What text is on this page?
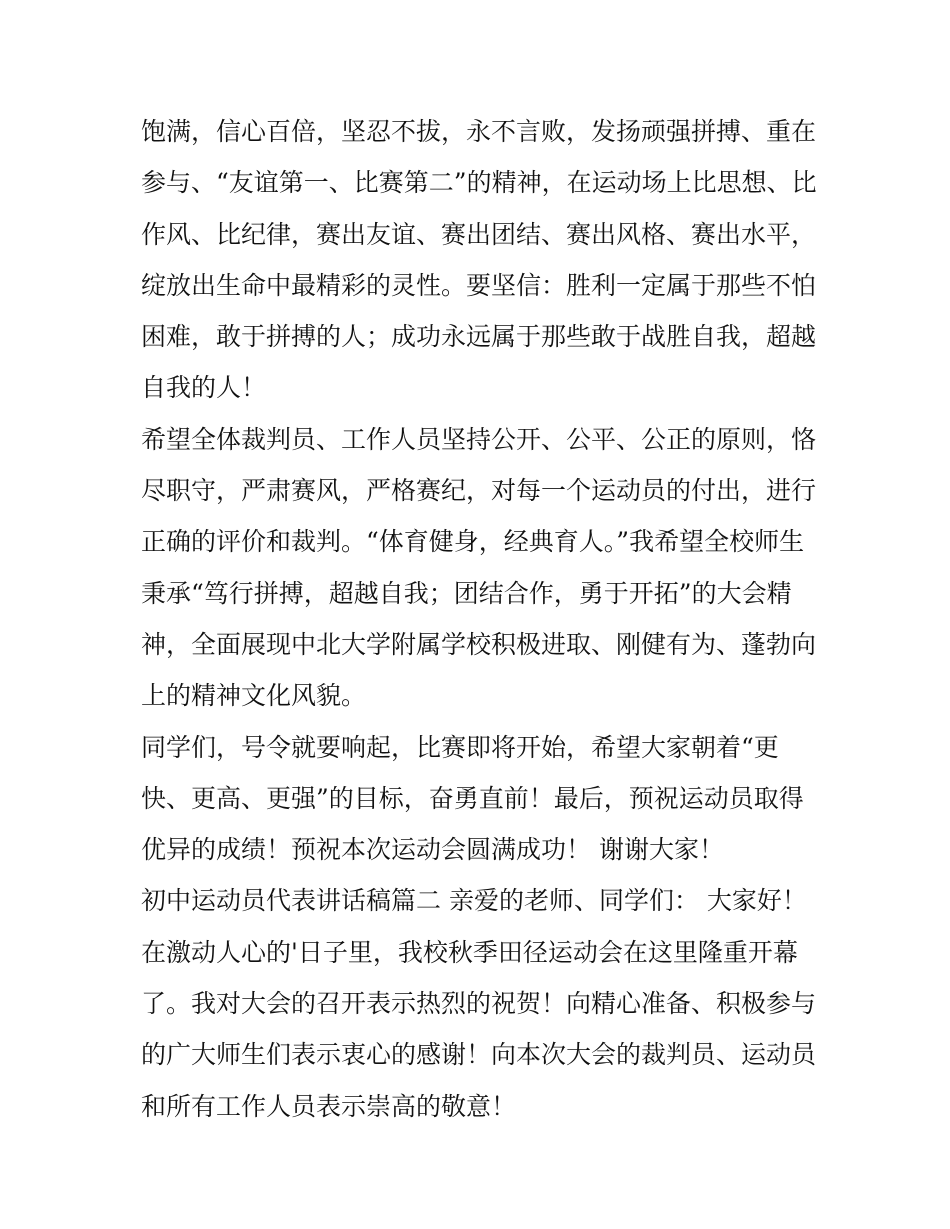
饱满，信心百倍，坚忍不拔，永不言败，发扬顽强拼搏、重在
参与、“友谊第一、比赛第二”的精神，在运动场上比思想、比
作风、比纪律，赛出友谊、赛出团结、赛出风格、赛出水平，
绽放出生命中最精彩的灵性。要坚信：胜利一定属于那些不怕
困难，敢于拼搏的人；成功永远属于那些敢于战胜自我，超越
自我的人！
希望全体裁判员、工作人员坚持公开、公平、公正的原则，恪
尽职守，严肃赛风，严格赛纪，对每一个运动员的付出，进行
正确的评价和裁判。“体育健身，经典育人。”我希望全校师生
秉承“笃行拼搏，超越自我；团结合作，勇于开拓”的大会精
神，全面展现中北大学附属学校积极进取、刚健有为、蓬勃向
上的精神文化风貌。
同学们，号令就要响起，比赛即将开始，希望大家朝着“更
快、更高、更强”的目标，奋勇直前！最后，预祝运动员取得
优异的成绩！预祝本次运动会圆满成功！ 谢谢大家！
初中运动员代表讲话稿篇二 亲爱的老师、同学们： 大家好！
在激动人心的'日子里，我校秋季田径运动会在这里隆重开幕
了。我对大会的召开表示热烈的祝贺！向精心准备、积极参与
的广大师生们表示衷心的感谢！向本次大会的裁判员、运动员
和所有工作人员表示崇高的敬意！
